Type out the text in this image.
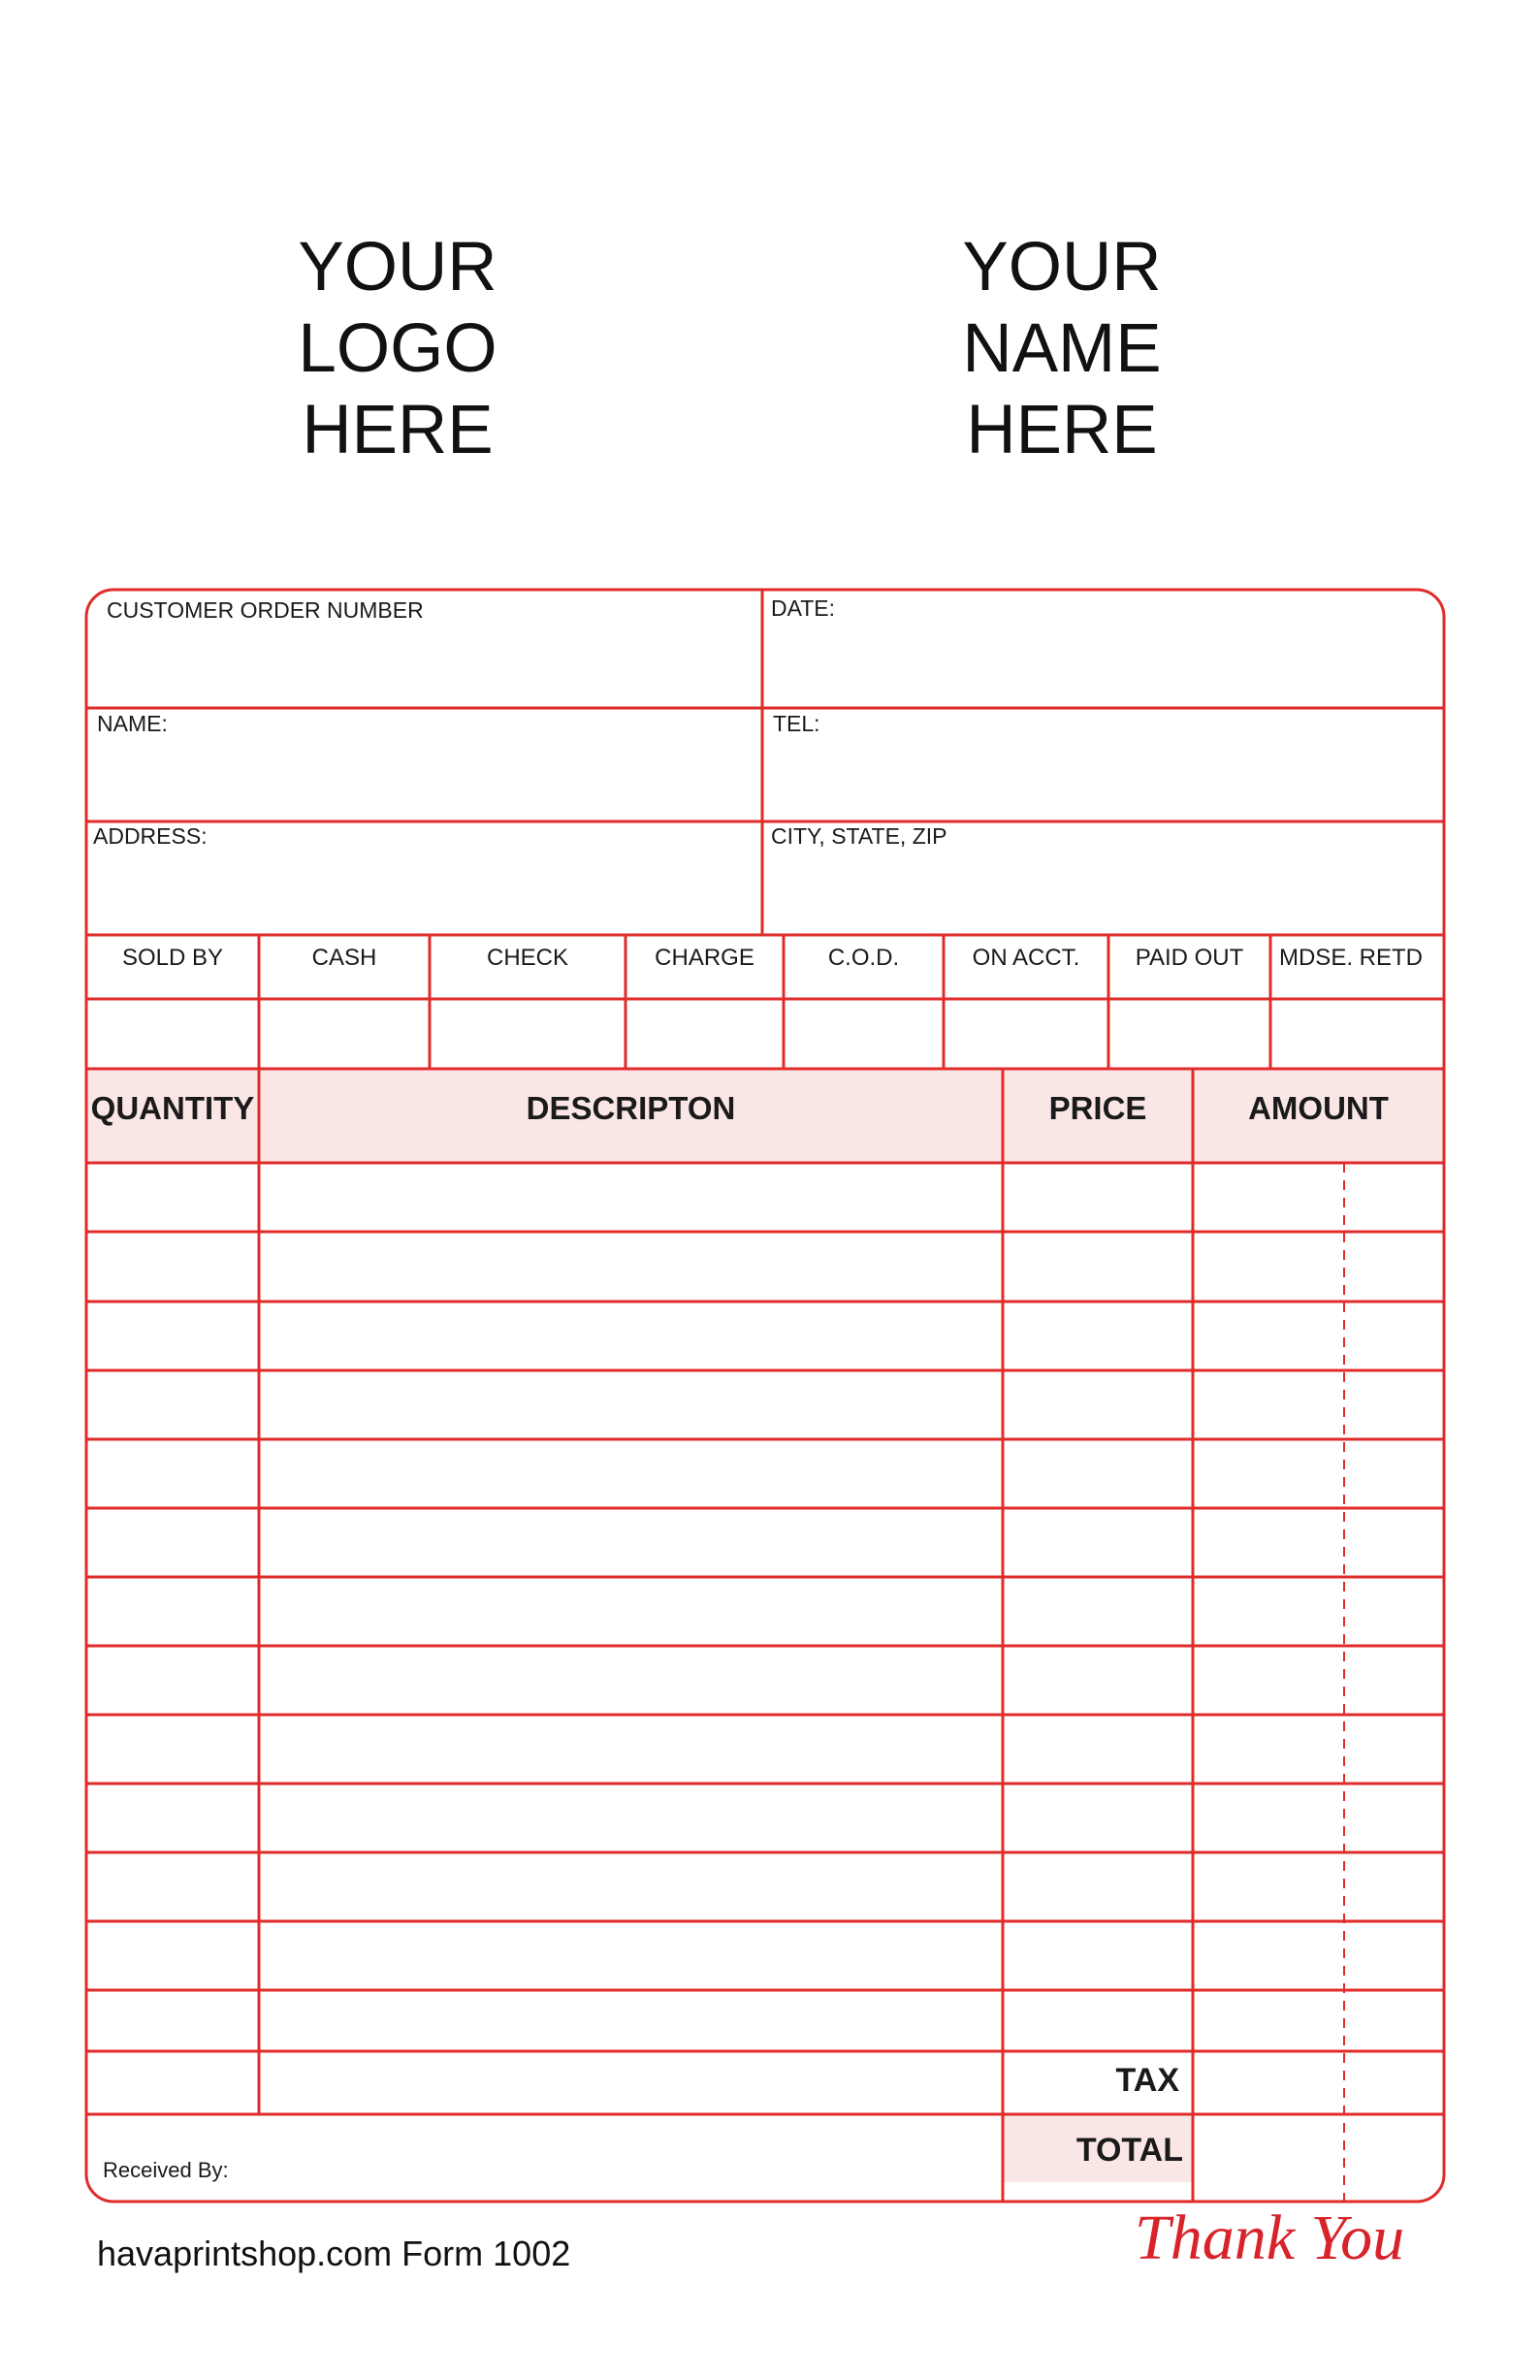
YOUR
LOGO
HERE
YOUR
NAME
HERE
CUSTOMER ORDER NUMBER	DATE:
NAME:	TEL:
ADDRESS:	CITY, STATE, ZIP
SOLD BY	CASH	CHECK	CHARGE	C.O.D.	ON ACCT.	PAID OUT	MDSE. RETD
QUANTITY	DESCRIPTON	PRICE	AMOUNT
TAX
TOTAL
Received By:
havaprintshop.com Form 1002	Thank You
